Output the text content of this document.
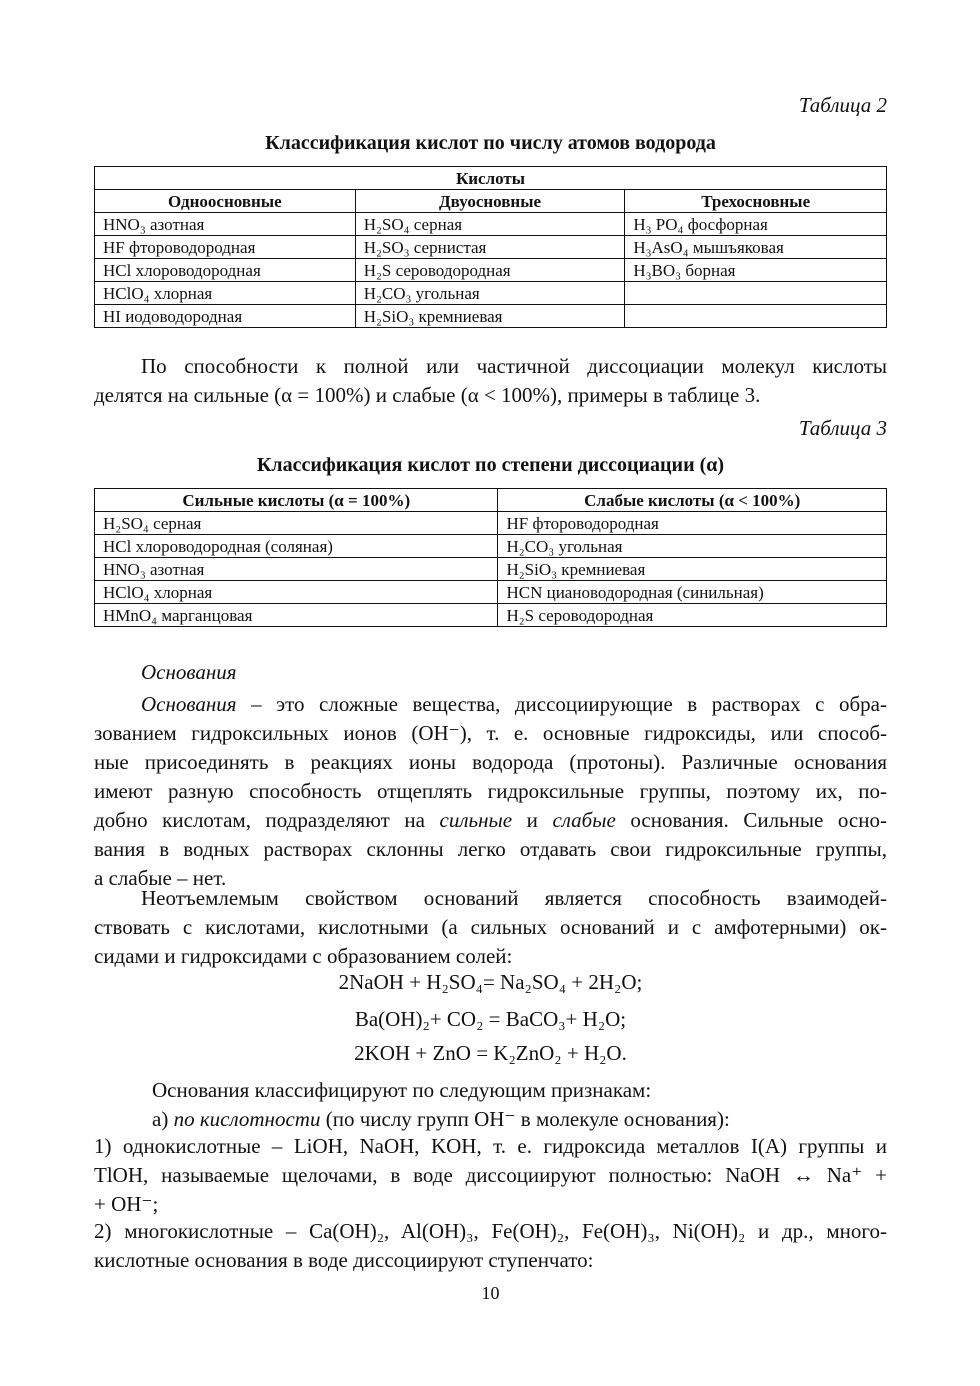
Таблица 2
Классификация кислот по числу атомов водорода
Кислоты		
Одноосновные	Двуосновные	Трехосновные
HNO₃ азотная	H₂SO₄ серная	H₃ PO₄ фосфорная
HF фтороводородная	H₂SO₃ сернистая	H₃AsO₄ мышъяковая
HCl хлороводородная	H₂S сероводородная	H₃BO₃ борная
HClO₄ хлорная	H₂CO₃ угольная	
HI иодоводородная	H₂SiO₃ кремниевая	
По способности к полной или частичной диссоциации молекул кислоты
делятся на сильные (α = 100%) и слабые (α < 100%), примеры в таблице 3.
Таблица 3
Классификация кислот по степени диссоциации (α)
Сильные кислоты (α = 100%)	Слабые кислоты (α < 100%)
H₂SO₄ серная	HF фтороводородная
HCl хлороводородная (соляная)	H₂CO₃ угольная
HNO₃ азотная	H₂SiO₃ кремниевая
HClO₄ хлорная	HCN циановодородная (синильная)
HMnO₄ марганцовая	H₂S сероводородная
Основания
Основания – это сложные вещества, диссоциирующие в растворах с обра-
зованием гидроксильных ионов (OH⁻), т. е. основные гидроксиды, или способ-
ные присоединять в реакциях ионы водорода (протоны). Различные основания
имеют разную способность отщеплять гидроксильные группы, поэтому их, по-
добно кислотам, подразделяют на сильные и слабые основания. Сильные осно-
вания в водных растворах склонны легко отдавать свои гидроксильные группы,
а слабые – нет.
Неотъемлемым свойством оснований является способность взаимодей-
ствовать с кислотами, кислотными (а сильных оснований и с амфотерными) ок-
сидами и гидроксидами с образованием солей:
2NaOH + H₂SO₄= Na₂SO₄ + 2H₂O;
Ba(OH)₂+ CO₂ = BaCO₃+ H₂O;
2KOH + ZnO = K₂ZnO₂ + H₂O.
Основания классифицируют по следующим признакам:
а) по кислотности (по числу групп OH⁻ в молекуле основания):
1) однокислотные – LiOH, NaOH, KOH, т. е. гидроксида металлов I(A) группы и
TlOH, называемые щелочами, в воде диссоциируют полностью: NaOH ↔ Na⁺ +
+ OH⁻;
2) многокислотные – Ca(OH)₂, Al(OH)₃, Fe(OH)₂, Fe(OH)₃, Ni(OH)₂ и др., много-
кислотные основания в воде диссоциируют ступенчато:
10
